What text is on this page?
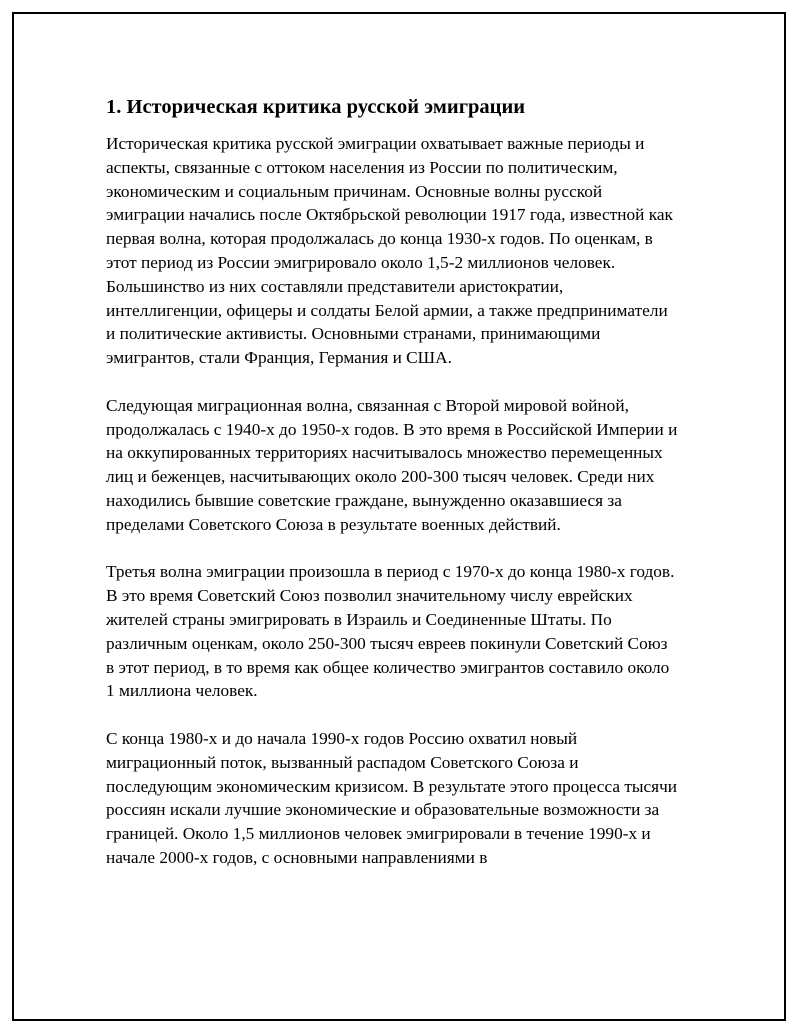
1. Историческая критика русской эмиграции

Историческая критика русской эмиграции охватывает важные периоды и аспекты, связанные с оттоком населения из России по политическим, экономическим и социальным причинам. Основные волны русской эмиграции начались после Октябрьской революции 1917 года, известной как первая волна, которая продолжалась до конца 1930-х годов. По оценкам, в этот период из России эмигрировало около 1,5-2 миллионов человек. Большинство из них составляли представители аристократии, интеллигенции, офицеры и солдаты Белой армии, а также предприниматели и политические активисты. Основными странами, принимающими эмигрантов, стали Франция, Германия и США.

Следующая миграционная волна, связанная с Второй мировой войной, продолжалась с 1940-х до 1950-х годов. В это время в Российской Империи и на оккупированных территориях насчитывалось множество перемещенных лиц и беженцев, насчитывающих около 200-300 тысяч человек. Среди них находились бывшие советские граждане, вынужденно оказавшиеся за пределами Советского Союза в результате военных действий.

Третья волна эмиграции произошла в период с 1970-х до конца 1980-х годов. В это время Советский Союз позволил значительному числу еврейских жителей страны эмигрировать в Израиль и Соединенные Штаты. По различным оценкам, около 250-300 тысяч евреев покинули Советский Союз в этот период, в то время как общее количество эмигрантов составило около 1 миллиона человек.

С конца 1980-х и до начала 1990-х годов Россию охватил новый миграционный поток, вызванный распадом Советского Союза и последующим экономическим кризисом. В результате этого процесса тысячи россиян искали лучшие экономические и образовательные возможности за границей. Около 1,5 миллионов человек эмигрировали в течение 1990-х и начале 2000-х годов, с основными направлениями в
